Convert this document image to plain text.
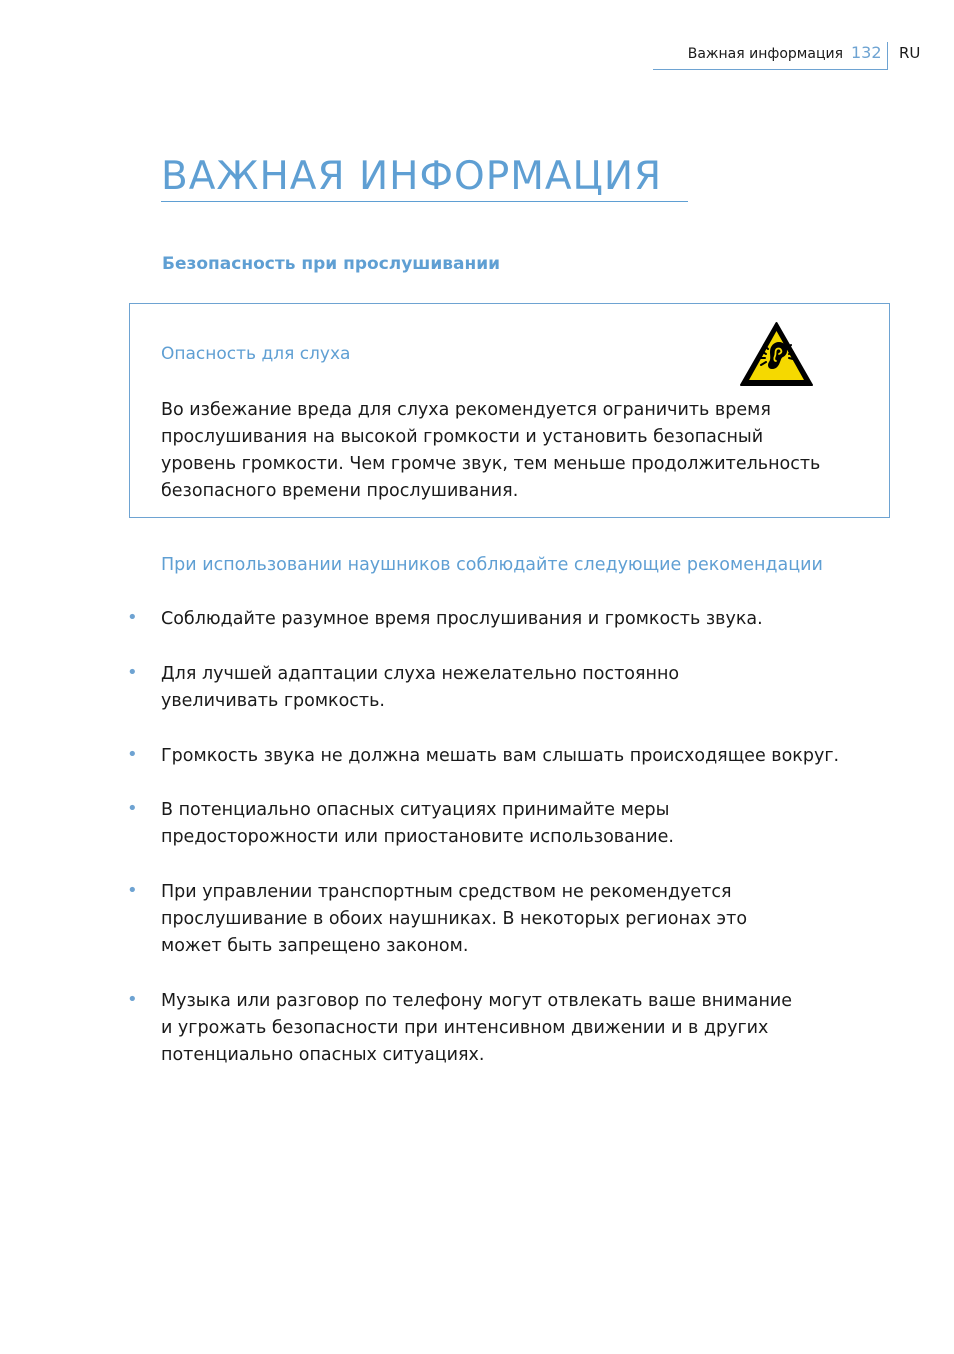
Важная информация 132 RU
ВАЖНАЯ ИНФОРМАЦИЯ
Безопасность при прослушивании
Опасность для слуха
Во избежание вреда для слуха рекомендуется ограничить время
прослушивания на высокой громкости и установить безопасный
уровень громкости. Чем громче звук, тем меньше продолжительность
безопасного времени прослушивания.
При использовании наушников соблюдайте следующие рекомендации
• Соблюдайте разумное время прослушивания и громкость звука.
• Для лучшей адаптации слуха нежелательно постоянно
увеличивать громкость.
• Громкость звука не должна мешать вам слышать происходящее вокруг.
• В потенциально опасных ситуациях принимайте меры
предосторожности или приостановите использование.
• При управлении транспортным средством не рекомендуется
прослушивание в обоих наушниках. В некоторых регионах это
может быть запрещено законом.
• Музыка или разговор по телефону могут отвлекать ваше внимание
и угрожать безопасности при интенсивном движении и в других
потенциально опасных ситуациях.
